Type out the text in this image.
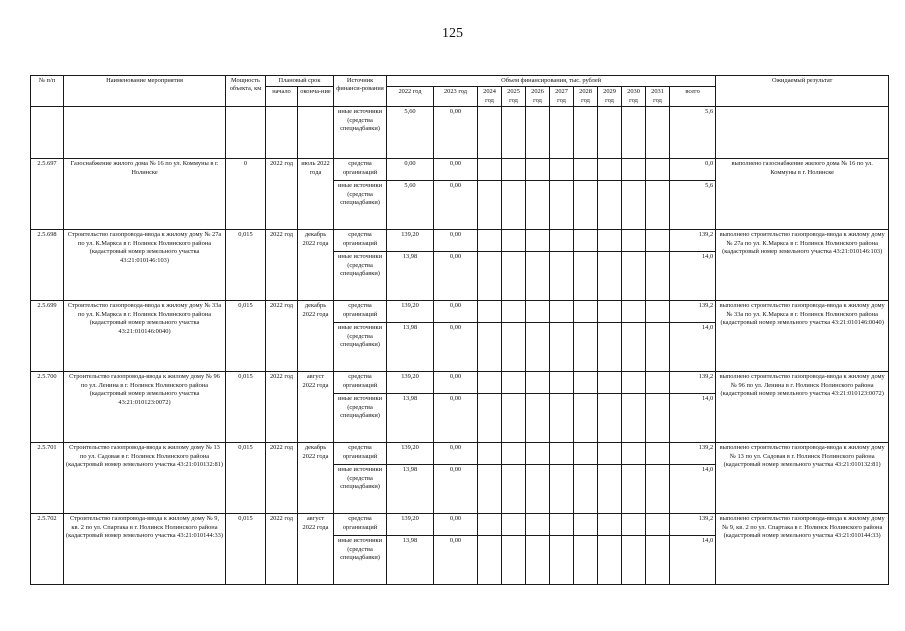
125
№ п/п	Наименование мероприятия	Мощность объекта, км	Плановый срок		Источник финанси-рования	Объем финансирования, тыс. рублей											Ожидаемый результат
			начало	оконча-ние		2022 год	2023 год	2024 год	2025 год	2026 год	2027 год	2028 год	2029 год	2030 год	2031 год	всего	
					иные источники (средства спецнадбавки)	5,60	0,00									5,6	
2.5.697	Газоснабжение жилого дома № 16 по ул. Коммуны в г. Нолинске	0	2022 год	июль 2022 года	средства организаций	0,00	0,00									0,0	выполнено газоснабжение жилого дома № 16 по ул. Коммуны в г. Нолинске
					иные источники (средства спецнадбавки)	5,60	0,00									5,6	
2.5.698	Строительство газопровода-ввода к жилому дому № 27а по ул. К.Маркса в г. Нолинск Нолинского района (кадастровый номер земельного участка 43:21:010146:103)	0,015	2022 год	декабрь 2022 года	средства организаций	139,20	0,00									139,2	выполнено строительство газопровода-ввода к жилому дому № 27а по ул. К.Маркса в г. Нолинск Нолинского района (кадастровый номер земельного участка 43:21:010146:103)
					иные источники (средства спецнадбавки)	13,98	0,00									14,0	
2.5.699	Строительство газопровода-ввода к жилому дому № 33а по ул. К.Маркса в г. Нолинск Нолинского района (кадастровый номер земельного участка 43:21:010146:0040)	0,015	2022 год	декабрь 2022 года	средства организаций	139,20	0,00									139,2	выполнено строительство газопровода-ввода к жилому дому № 33а по ул. К.Маркса в г. Нолинск Нолинского района (кадастровый номер земельного участка 43:21:010146:0040)
					иные источники (средства спецнадбавки)	13,98	0,00									14,0	
2.5.700	Строительство газопровода-ввода к жилому дому № 96 по ул. Ленина в г. Нолинск Нолинского района (кадастровый номер земельного участка 43:21:010123:0072)	0,015	2022 год	август 2022 года	средства организаций	139,20	0,00									139,2	выполнено строительство газопровода-ввода к жилому дому № 96 по ул. Ленина в г. Нолинск Нолинского района (кадастровый номер земельного участка 43:21:010123:0072)
					иные источники (средства спецнадбавки)	13,98	0,00									14,0	
2.5.701	Строительство газопровода-ввода к жилому дому № 13 по ул. Садовая в г. Нолинск Нолинского района (кадастровый номер земельного участка 43:21:010132:81)	0,015	2022 год	декабрь 2022 года	средства организаций	139,20	0,00									139,2	выполнено строительство газопровода-ввода к жилому дому № 13 по ул. Садовая в г. Нолинск Нолинского района (кадастровый номер земельного участка 43:21:010132:81)
					иные источники (средства спецнадбавки)	13,98	0,00									14,0	
2.5.702	Строительство газопровода-ввода к жилому дому № 9, кв. 2 по ул. Спартака в г. Нолинск Нолинского района (кадастровый номер земельного участка 43:21:010144:33)	0,015	2022 год	август 2022 года	средства организаций	139,20	0,00									139,2	выполнено строительство газопровода-ввода к жилому дому № 9, кв. 2 по ул. Спартака в г. Нолинск Нолинского района (кадастровый номер земельного участка 43:21:010144:33)
					иные источники (средства спецнадбавки)	13,98	0,00									14,0	
